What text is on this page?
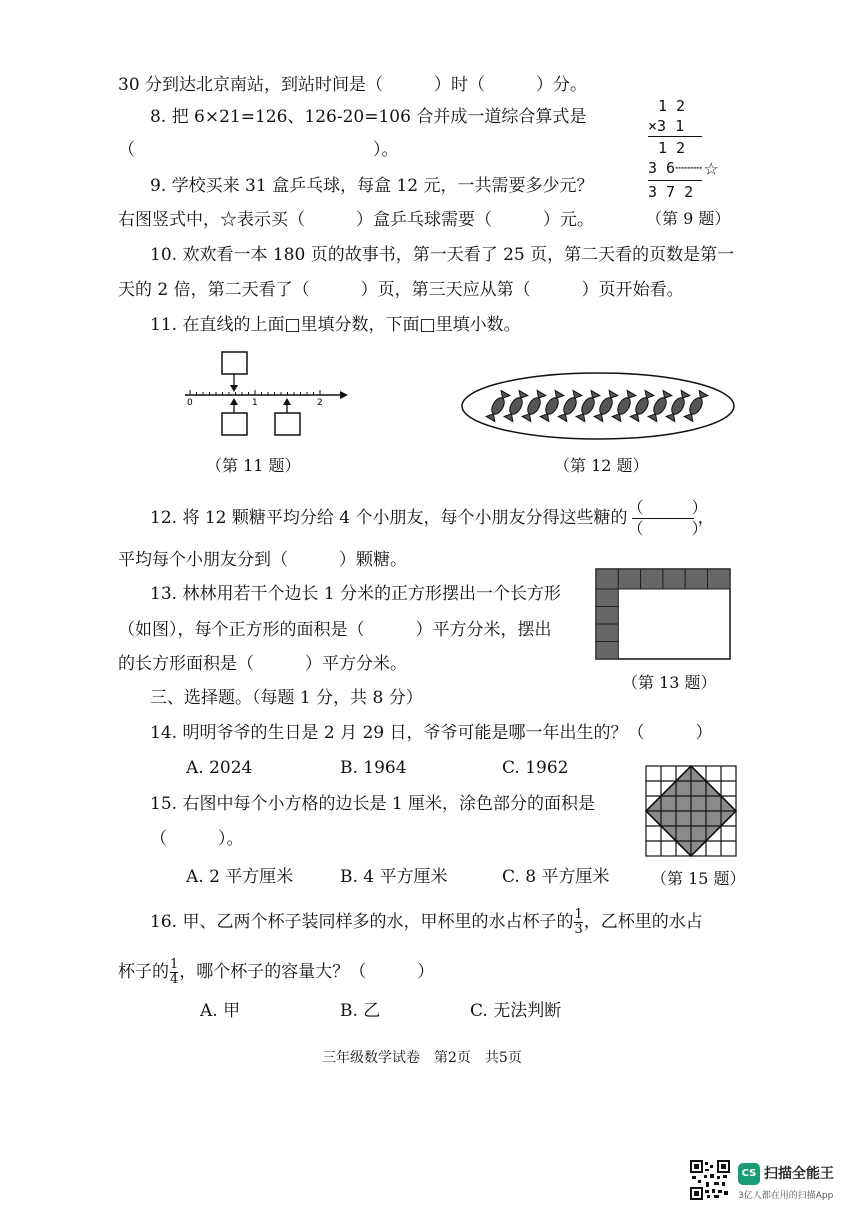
30 分到达北京南站，到站时间是（　　　）时（　　　）分。
8. 把 6×21=126、126-20=106 合并成一道综合算式是
（　　　　　　　　　　　　　　）。
9. 学校买来 31 盒乒乓球，每盒 12 元，一共需要多少元？
右图竖式中，☆表示买（　　　）盒乒乓球需要（　　　）元。
10. 欢欢看一本 180 页的故事书，第一天看了 25 页，第二天看的页数是第一
天的 2 倍，第二天看了（　　　）页，第三天应从第（　　　）页开始看。
11. 在直线的上面□里填分数，下面□里填小数。
1 2
×3 1
1 2
3 6┄┄┄ ☆
3 7 2
（第 9 题）
0	1	2
（第 11 题）	（第 12 题）
12. 将 12 颗糖平均分给 4 个小朋友，每个小朋友分得这些糖的 $\frac{( )}{( )}$ ，
平均每个小朋友分到（　　　）颗糖。
13. 林林用若干个边长 1 分米的正方形摆出一个长方形
（如图），每个正方形的面积是（　　　）平方分米，摆出
的长方形面积是（　　　）平方分米。
（第 13 题）
三、选择题。（每题 1 分，共 8 分）
14. 明明爷爷的生日是 2 月 29 日，爷爷可能是哪一年出生的？（　　　）
A. 2024	B. 1964	C. 1962
15. 右图中每个小方格的边长是 1 厘米，涂色部分的面积是
（　　　）。
A. 2 平方厘米	B. 4 平方厘米	C. 8 平方厘米	（第 15 题）
16. 甲、乙两个杯子装同样多的水，甲杯里的水占杯子的 $\frac{1}{3}$ ，乙杯里的水占
杯子的 $\frac{1}{4}$ ，哪个杯子的容量大？（　　　）
A. 甲	B. 乙	C. 无法判断
三年级数学试卷　第2页　共5页
CS 扫描全能王
3亿人都在用的扫描App
